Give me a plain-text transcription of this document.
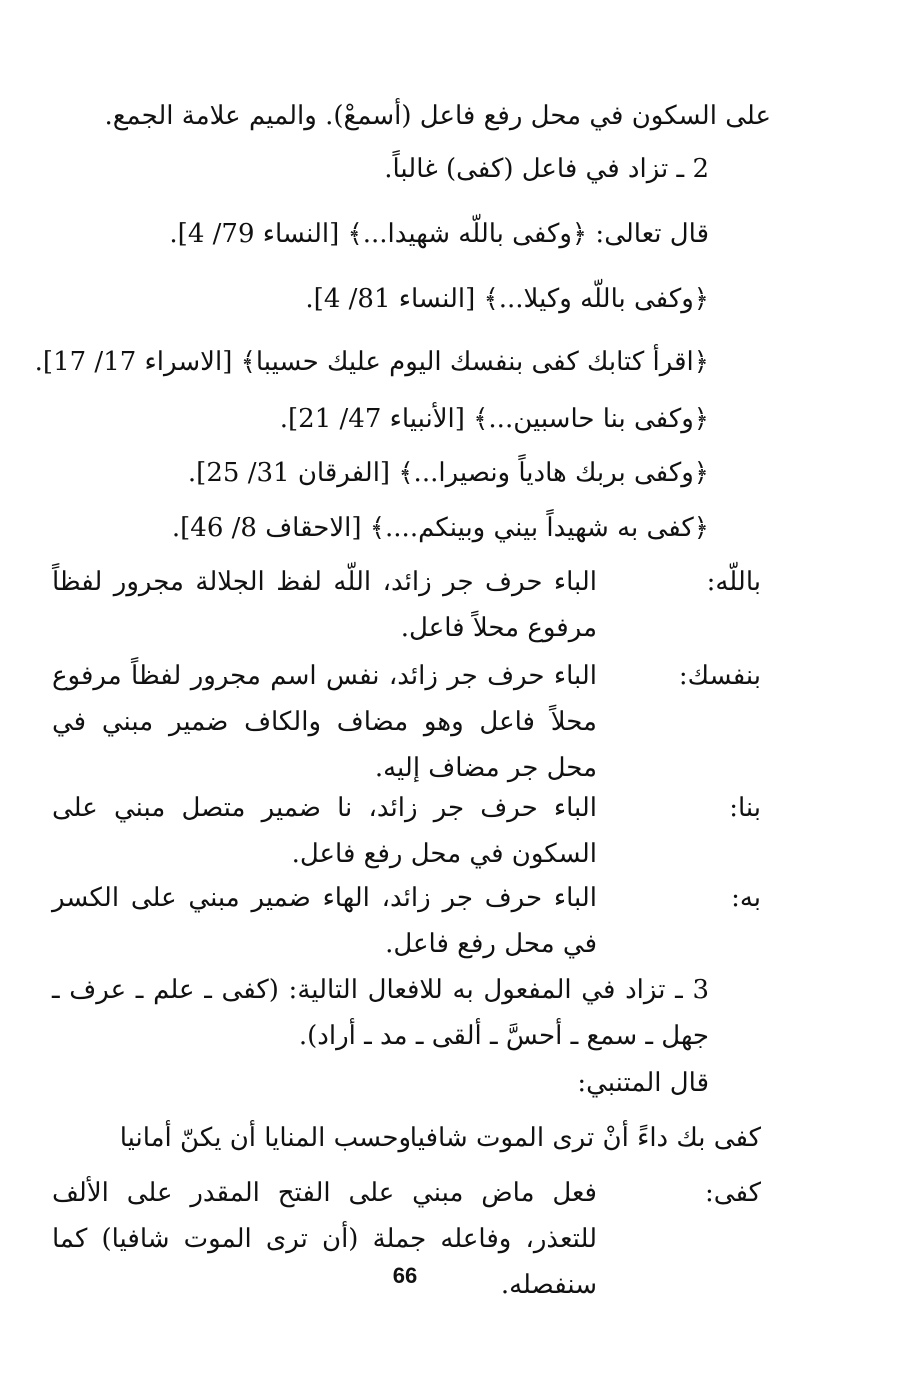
على السكون في محل رفع فاعل (أسمعْ). والميم علامة الجمع.
2 ـ تزاد في فاعل (كفى) غالباً.
قال تعالى: ﴿وكفى باللّه شهيدا...﴾ [النساء 79/ 4].
﴿وكفى باللّه وكيلا...﴾ [النساء 81/ 4].
﴿اقرأ كتابك كفى بنفسك اليوم عليك حسيبا﴾ [الاسراء 17/ 17].
﴿وكفى بنا حاسبين...﴾ [الأنبياء 47/ 21].
﴿وكفى بربك هادياً ونصيرا...﴾ [الفرقان 31/ 25].
﴿كفى به شهيداً بيني وبينكم....﴾ [الاحقاف 8/ 46].
باللّه:
الباء حرف جر زائد، اللّه لفظ الجلالة مجرور لفظاً مرفوع محلاً فاعل.
بنفسك:
الباء حرف جر زائد، نفس اسم مجرور لفظاً مرفوع محلاً فاعل وهو مضاف والكاف ضمير مبني في محل جر مضاف إليه.
بنا:
الباء حرف جر زائد، نا ضمير متصل مبني على السكون في محل رفع فاعل.
به:
الباء حرف جر زائد، الهاء ضمير مبني على الكسر في محل رفع فاعل.
3 ـ تزاد في المفعول به للافعال التالية: (كفى ـ علم ـ عرف ـ جهل ـ سمع ـ أحسَّ ـ ألقى ـ مد ـ أراد).
قال المتنبي:
كفى بك داءً أنْ ترى الموت شافيا
وحسب المنايا أن يكنّ أمانيا
كفى:
فعل ماض مبني على الفتح المقدر على الألف للتعذر، وفاعله جملة (أن ترى الموت شافيا) كما سنفصله.
66
